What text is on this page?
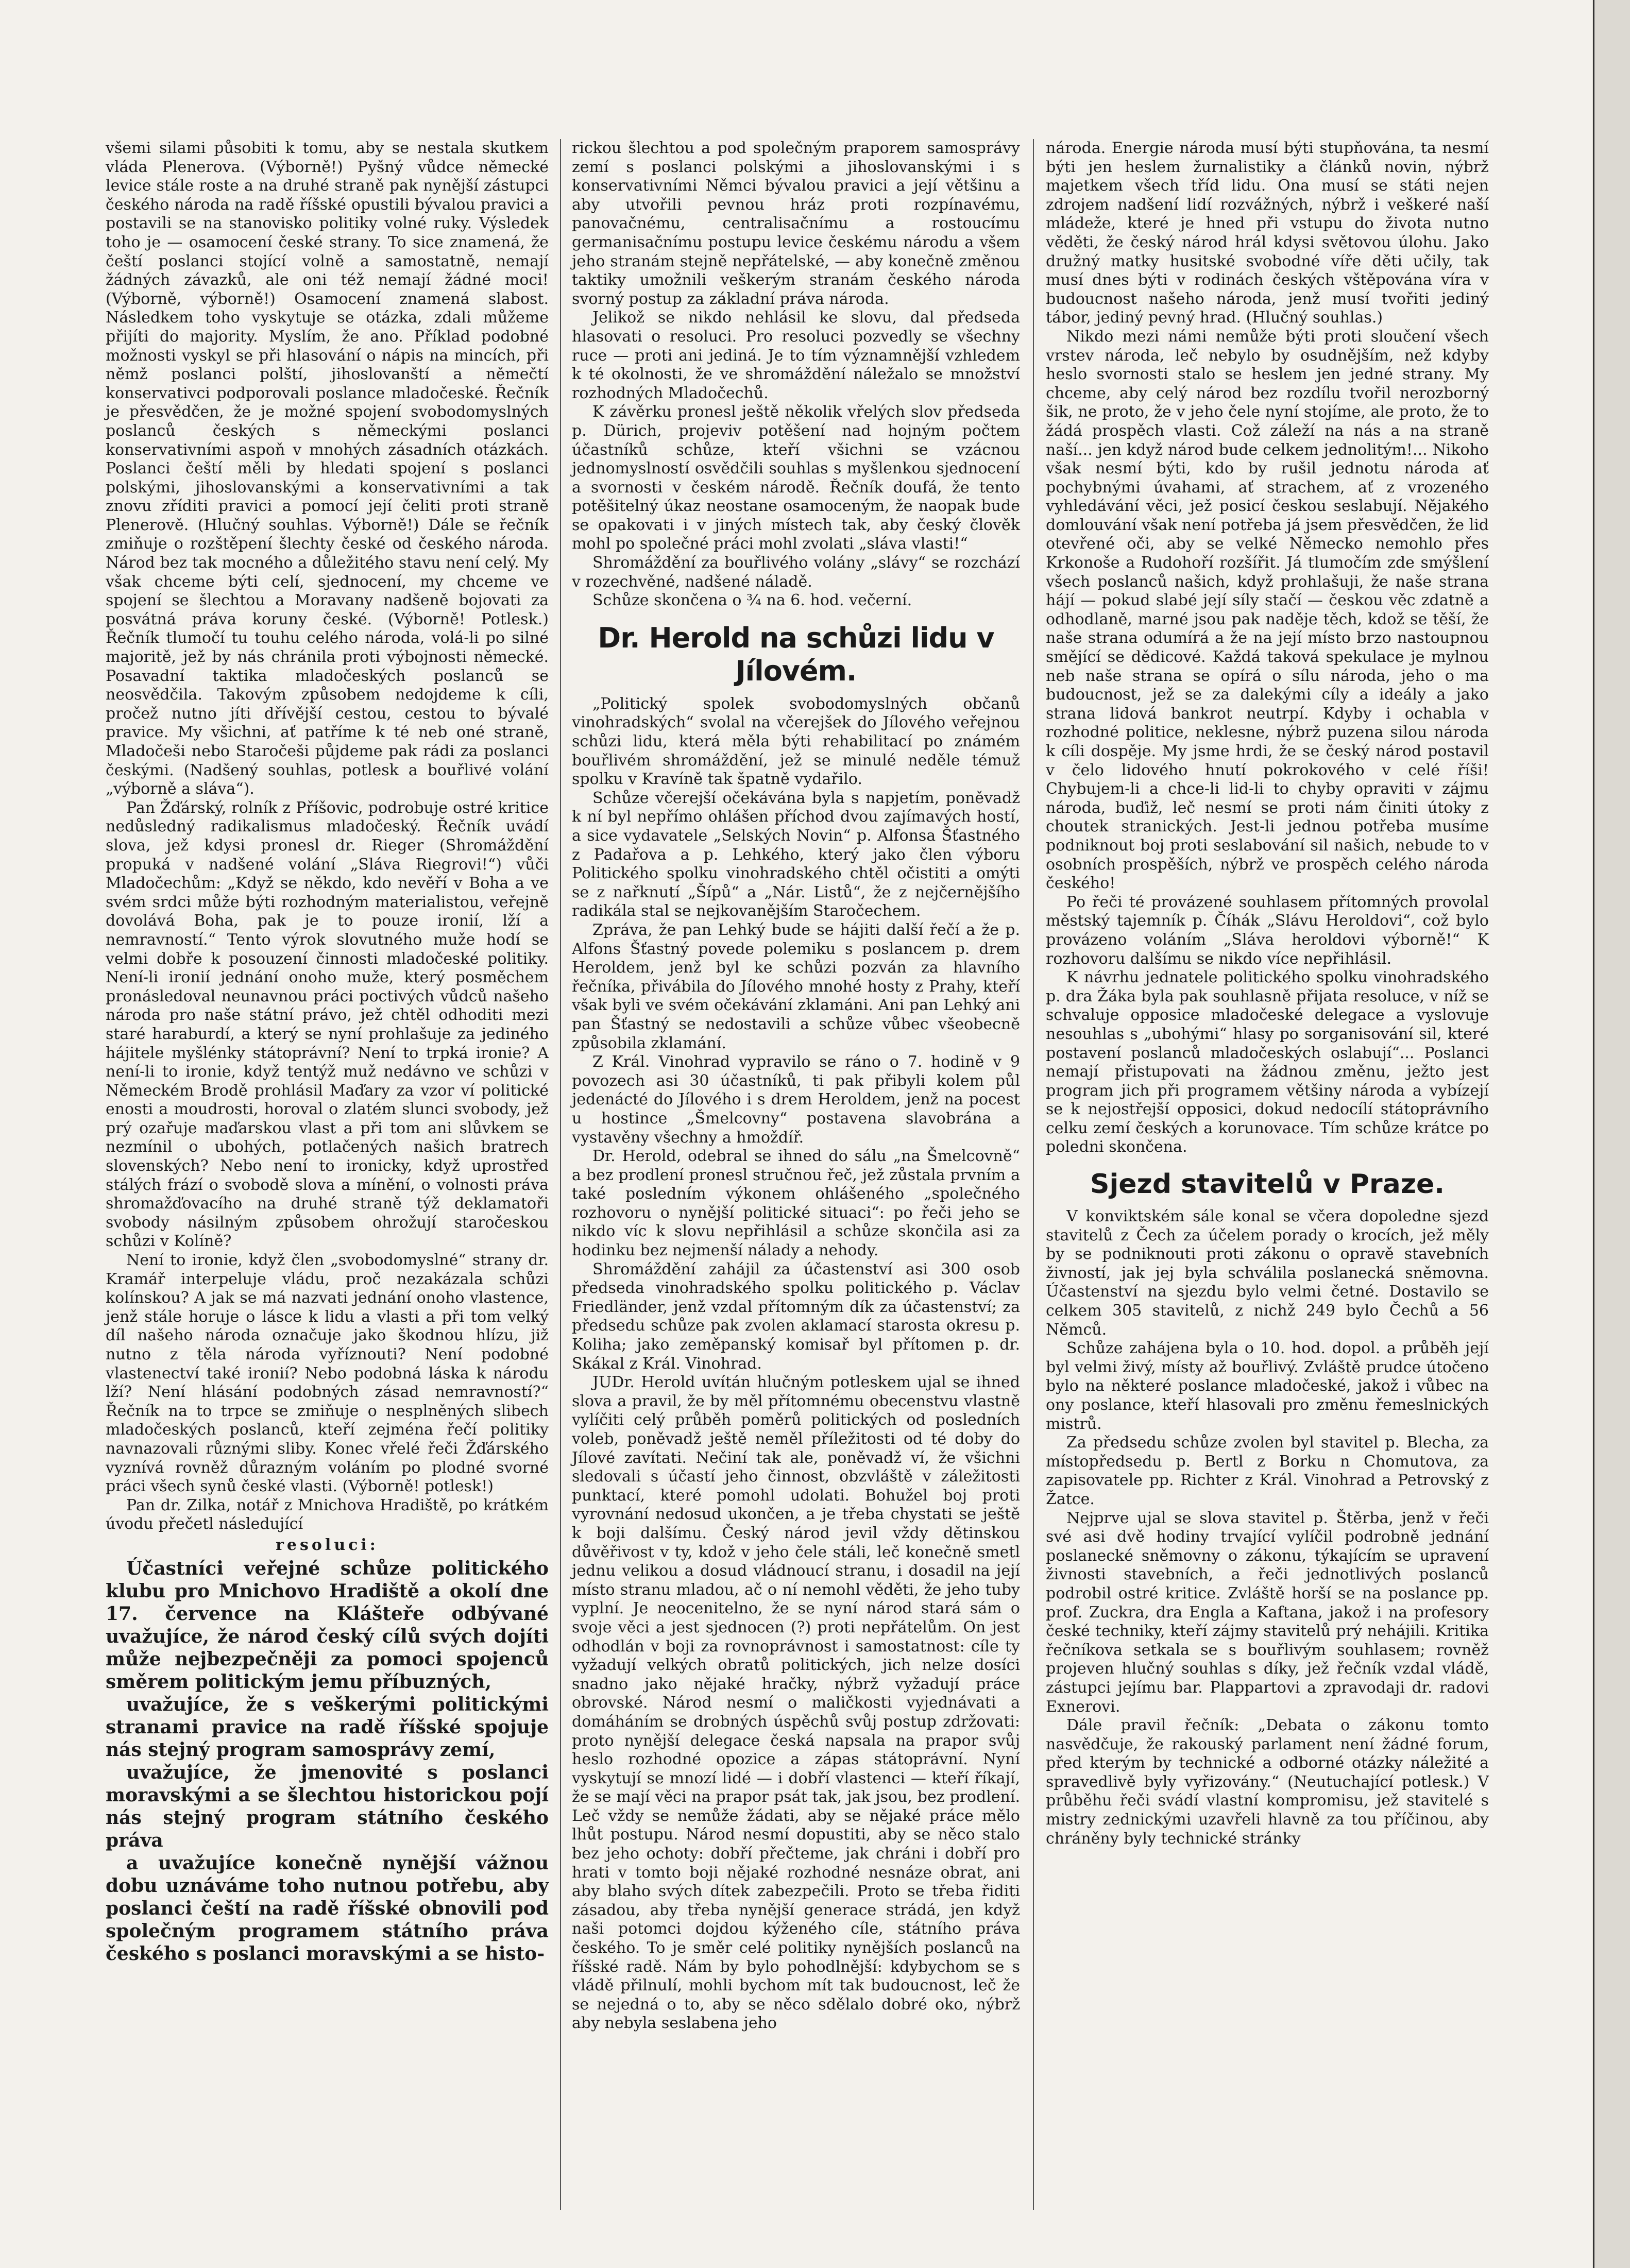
všemi silami působiti k tomu, aby se nestala skutkem vláda Plenerova. (Výborně!) Pyšný vůdce německé levice stále roste a na druhé straně pak nynější zástupci českého národa na radě říšské opustili bývalou pravici a postavili se na stanovisko politiky volné ruky. Výsledek toho je — osamocení české strany. To sice znamená, že čeští poslanci stojící volně a samostatně, nemají žádných závazků, ale oni též nemají žádné moci! (Výborně, výborně!) Osamocení znamená slabost. Následkem toho vyskytuje se otázka, zdali můžeme přijíti do majority. Myslím, že ano. Příklad podobné možnosti vyskyl se při hlasování o nápis na mincích, při němž poslanci polští, jihoslovanští a němečtí konservativci podporovali poslance mladočeské. Řečník je přesvědčen, že je možné spojení svobodomyslných poslanců českých s německými poslanci konservativními aspoň v mnohých zásadních otázkách. Poslanci čeští měli by hledati spojení s poslanci polskými, jihoslovanskými a konservativními a tak znovu zříditi pravici a pomocí její čeliti proti straně Plenerově. (Hlučný souhlas. Výborně!) Dále se řečník zmiňuje o rozštěpení šlechty české od českého národa. Národ bez tak mocného a důležitého stavu není celý. My však chceme býti celí, sjednocení, my chceme ve spojení se šlechtou a Moravany nadšeně bojovati za posvátná práva koruny české. (Výborně! Potlesk.) Řečník tlumočí tu touhu celého národa, volá-li po silné majoritě, jež by nás chránila proti výbojnosti německé. Posavadní taktika mladočeských poslanců se neosvědčila. Takovým způsobem nedojdeme k cíli, pročež nutno jíti dřívější cestou, cestou to bývalé pravice. My všichni, ať patříme k té neb oné straně, Mladočeši nebo Staročeši půjdeme pak rádi za poslanci českými. (Nadšený souhlas, potlesk a bouřlivé volání „výborně a sláva“).

Pan Žďárský, rolník z Příšovic, podrobuje ostré kritice nedůsledný radikalismus mladočeský. Řečník uvádí slova, jež kdysi pronesl dr. Rieger (Shromáždění propuká v nadšené volání „Sláva Riegrovi!“) vůči Mladočechům: „Když se někdo, kdo nevěří v Boha a ve svém srdci může býti rozhodným materialistou, veřejně dovolává Boha, pak je to pouze ironií, lží a nemravností.“ Tento výrok slovutného muže hodí se velmi dobře k posouzení činnosti mladočeské politiky. Není-li ironií jednání onoho muže, který posměchem pronásledoval neunavnou práci poctivých vůdců našeho národa pro naše státní právo, jež chtěl odhoditi mezi staré haraburdí, a který se nyní prohlašuje za jediného hájitele myšlénky státoprávní? Není to trpká ironie? A není-li to ironie, když tentýž muž nedávno ve schůzi v Německém Brodě prohlásil Maďary za vzor ví politické enosti a moudrosti, horoval o zlatém slunci svobody, jež prý ozařuje maďarskou vlast a při tom ani slůvkem se nezmínil o ubohých, potlačených našich bratrech slovenských? Nebo není to ironicky, když uprostřed stálých frází o svobodě slova a mínění, o volnosti práva shromažďovacího na druhé straně týž deklamatoři svobody násilným způsobem ohrožují staročeskou schůzi v Kolíně?

Není to ironie, když člen „svobodomyslné“ strany dr. Kramář interpeluje vládu, proč nezakázala schůzi kolínskou? A jak se má nazvati jednání onoho vlastence, jenž stále horuje o lásce k lidu a vlasti a při tom velký díl našeho národa označuje jako škodnou hlízu, již nutno z těla národa vyříznouti? Není podobné vlastenectví také ironií? Nebo podobná láska k národu lží? Není hlásání podobných zásad nemravností?“ Řečník na to trpce se zmiňuje o nesplněných slibech mladočeských poslanců, kteří zejména řečí politiky navnazovali různými sliby. Konec vřelé řeči Žďárského vyznívá rovněž důrazným voláním po plodné svorné práci všech synů české vlasti. (Výborně! potlesk!)

Pan dr. Zilka, notář z Mnichova Hradiště, po krátkém úvodu přečetl následující

resoluci:

Účastníci veřejné schůze politického klubu pro Mnichovo Hradiště a okolí dne 17. července na Klášteře odbývané uvažujíce, že národ český cílů svých dojíti může nejbezpečněji za pomoci spojenců směrem politickým jemu příbuzných,

uvažujíce, že s veškerými politickými stranami pravice na radě říšské spojuje nás stejný program samosprávy zemí,

uvažujíce, že jmenovité s poslanci moravskými a se šlechtou historickou pojí nás stejný program státního českého práva

a uvažujíce konečně nynější vážnou dobu uznáváme toho nutnou potřebu, aby poslanci čeští na radě říšské obnovili pod společným programem státního práva českého s poslanci moravskými a se histo-

rickou šlechtou a pod společným praporem samosprávy zemí s poslanci polskými a jihoslovanskými i s konservativními Němci bývalou pravici a její většinu a aby utvořili pevnou hráz proti rozpínavému, panovačnému, centralisačnímu a rostoucímu germanisačnímu postupu levice českému národu a všem jeho stranám stejně nepřátelské, — aby konečně změnou taktiky umožnili veškerým stranám českého národa svorný postup za základní práva národa.

Jelikož se nikdo nehlásil ke slovu, dal předseda hlasovati o resoluci. Pro resoluci pozvedly se všechny ruce — proti ani jediná. Je to tím významnější vzhledem k té okolnosti, že ve shromáždění náležalo se množství rozhodných Mladočechů.

K závěrku pronesl ještě několik vřelých slov předseda p. Dürich, projeviv potěšení nad hojným počtem účastníků schůze, kteří všichni se vzácnou jednomyslností osvědčili souhlas s myšlenkou sjednocení a svornosti v českém národě. Řečník doufá, že tento potěšitelný úkaz neostane osamoceným, že naopak bude se opakovati i v jiných místech tak, aby český člověk mohl po společné práci mohl zvolati „sláva vlasti!“

Shromáždění za bouřlivého volány „slávy“ se rozchází v rozechvěné, nadšené náladě.

Schůze skončena o ¾ na 6. hod. večerní.

Dr. Herold na schůzi lidu v Jílovém.

„Politický spolek svobodomyslných občanů vinohradských“ svolal na včerejšek do Jílového veřejnou schůzi lidu, která měla býti rehabilitací po známém bouřlivém shromáždění, jež se minulé neděle témuž spolku v Kravíně tak špatně vydařilo.

Schůze včerejší očekávána byla s napjetím, poněvadž k ní byl nepřímo ohlášen příchod dvou zajímavých hostí, a sice vydavatele „Selských Novin“ p. Alfonsa Šťastného z Padařova a p. Lehkého, který jako člen výboru Politického spolku vinohradského chtěl očistiti a omýti se z nařknutí „Šípů“ a „Nár. Listů“, že z nejčernějšího radikála stal se nejkovanějším Staročechem.

Zpráva, že pan Lehký bude se hájiti další řečí a že p. Alfons Šťastný povede polemiku s poslancem p. drem Heroldem, jenž byl ke schůzi pozván za hlavního řečníka, přivábila do Jílového mnohé hosty z Prahy, kteří však byli ve svém očekávání zklamáni. Ani pan Lehký ani pan Šťastný se nedostavili a schůze vůbec všeobecně způsobila zklamání.

Z Král. Vinohrad vypravilo se ráno o 7. hodině v 9 povozech asi 30 účastníků, ti pak přibyli kolem půl jedenácté do Jílového i s drem Heroldem, jenž na pocest u hostince „Šmelcovny“ postavena slavobrána a vystavěny všechny a hmoždíř.

Dr. Herold, odebral se ihned do sálu „na Šmelcovně“ a bez prodlení pronesl stručnou řeč, jež zůstala prvním a také posledním výkonem ohlášeného „společného rozhovoru o nynější politické situaci“: po řeči jeho se nikdo víc k slovu nepřihlásil a schůze skončila asi za hodinku bez nejmenší nálady a nehody.

Shromáždění zahájil za účastenství asi 300 osob předseda vinohradského spolku politického p. Václav Friedländer, jenž vzdal přítomným dík za účastenství; za předsedu schůze pak zvolen aklamací starosta okresu p. Koliha; jako zeměpanský komisař byl přítomen p. dr. Skákal z Král. Vinohrad.

JUDr. Herold uvítán hlučným potleskem ujal se ihned slova a pravil, že by měl přítomnému obecenstvu vlastně vylíčiti celý průběh poměrů politických od posledních voleb, poněvadž ještě neměl příležitosti od té doby do Jílové zavítati. Nečiní tak ale, poněvadž ví, že všichni sledovali s účastí jeho činnost, obzvláště v záležitosti punktací, které pomohl udolati. Bohužel boj proti vyrovnání nedosud ukončen, a je třeba chystati se ještě k boji dalšímu. Český národ jevil vždy dětinskou důvěřivost v ty, kdož v jeho čele stáli, leč konečně smetl jednu velikou a dosud vládnoucí stranu, i dosadil na její místo stranu mladou, ač o ní nemohl věděti, že jeho tuby vyplní. Je neocenitelno, že se nyní národ stará sám o svoje věci a jest sjednocen (?) proti nepřátelům. On jest odhodlán v boji za rovnoprávnost i samostatnost: cíle ty vyžadují velkých obratů politických, jich nelze dosíci snadno jako nějaké hračky, nýbrž vyžadují práce obrovské. Národ nesmí o maličkosti vyjednávati a domáháním se drobných úspěchů svůj postup zdržovati: proto nynější delegace česká napsala na prapor svůj heslo rozhodné opozice a zápas státoprávní. Nyní vyskytují se mnozí lidé — i dobří vlastenci — kteří říkají, že se mají věci na prapor psát tak, jak jsou, bez prodlení. Leč vždy se nemůže žádati, aby se nějaké práce mělo lhůt postupu. Národ nesmí dopustiti, aby se něco stalo bez jeho ochoty: dobří přečteme, jak chráni i dobří pro hrati v tomto boji nějaké rozhodné nesnáze obrat, ani aby blaho svých dítek zabezpečili. Proto se třeba řiditi zásadou, aby třeba nynější generace strádá, jen když naši potomci dojdou kýženého cíle, státního práva českého. To je směr celé politiky nynějších poslanců na říšské radě. Nám by bylo pohodlnější: kdybychom se s vládě přilnulí, mohli bychom mít tak budoucnost, leč že se nejedná o to, aby se něco sdělalo dobré oko, nýbrž aby nebyla seslabena jeho

národa. Energie národa musí býti stupňována, ta nesmí býti jen heslem žurnalistiky a článků novin, nýbrž majetkem všech tříd lidu. Ona musí se státi nejen zdrojem nadšení lidí rozvážných, nýbrž i veškeré naší mládeže, které je hned při vstupu do života nutno věděti, že český národ hrál kdysi světovou úlohu. Jako družný matky husitské svobodné víře děti učily, tak musí dnes býti v rodinách českých vštěpována víra v budoucnost našeho národa, jenž musí tvořiti jediný tábor, jediný pevný hrad. (Hlučný souhlas.)

Nikdo mezi námi nemůže býti proti sloučení všech vrstev národa, leč nebylo by osudnějším, než kdyby heslo svornosti stalo se heslem jen jedné strany. My chceme, aby celý národ bez rozdílu tvořil nerozborný šik, ne proto, že v jeho čele nyní stojíme, ale proto, že to žádá prospěch vlasti. Což záleží na nás a na straně naší... jen když národ bude celkem jednolitým!... Nikoho však nesmí býti, kdo by rušil jednotu národa ať pochybnými úvahami, ať strachem, ať z vrozeného vyhledávání věci, jež posicí českou seslabují. Nějakého domlouvání však není potřeba já jsem přesvědčen, že lid otevřené oči, aby se velké Německo nemohlo přes Krkonoše a Rudohoří rozšířit. Já tlumočím zde smýšlení všech poslanců našich, když prohlašuji, že naše strana hájí — pokud slabé její síly stačí — českou věc zdatně a odhodlaně, marné jsou pak naděje těch, kdož se těší, že naše strana odumírá a že na její místo brzo nastoupnou smějící se dědicové. Každá taková spekulace je mylnou neb naše strana se opírá o sílu národa, jeho o ma budoucnost, jež se za dalekými cíly a ideály a jako strana lidová bankrot neutrpí. Kdyby i ochabla v rozhodné politice, neklesne, nýbrž puzena silou národa k cíli dospěje. My jsme hrdi, že se český národ postavil v čelo lidového hnutí pokrokového v celé říši! Chybujem-li a chce-li lid-li to chyby opraviti v zájmu národa, buďiž, leč nesmí se proti nám činiti útoky z choutek stranických. Jest-li jednou potřeba musíme podniknout boj proti seslabování sil našich, nebude to v osobních prospěších, nýbrž ve prospěch celého národa českého!

Po řeči té provázené souhlasem přítomných provolal městský tajemník p. Číhák „Slávu Heroldovi“, což bylo provázeno voláním „Sláva heroldovi výborně!“ K rozhovoru dalšímu se nikdo více nepřihlásil.

K návrhu jednatele politického spolku vinohradského p. dra Žáka byla pak souhlasně přijata resoluce, v níž se schvaluje opposice mladočeské delegace a vyslovuje nesouhlas s „ubohými“ hlasy po sorganisování sil, které postavení poslanců mladočeských oslabují“... Poslanci nemají přistupovati na žádnou změnu, ježto jest program jich při programem většiny národa a vybízejí se k nejostřejší opposici, dokud nedocílí státoprávního celku zemí českých a korunovace. Tím schůze krátce po poledni skončena.

Sjezd stavitelů v Praze.

V konviktském sále konal se včera dopoledne sjezd stavitelů z Čech za účelem porady o krocích, jež měly by se podniknouti proti zákonu o opravě stavebních živností, jak jej byla schválila poslanecká sněmovna. Účastenství na sjezdu bylo velmi četné. Dostavilo se celkem 305 stavitelů, z nichž 249 bylo Čechů a 56 Němců.

Schůze zahájena byla o 10. hod. dopol. a průběh její byl velmi živý, místy až bouřlivý. Zvláště prudce útočeno bylo na některé poslance mladočeské, jakož i vůbec na ony poslance, kteří hlasovali pro změnu řemeslnických mistrů.

Za předsedu schůze zvolen byl stavitel p. Blecha, za místopředsedu p. Bertl z Borku n Chomutova, za zapisovatele pp. Richter z Král. Vinohrad a Petrovský z Žatce.

Nejprve ujal se slova stavitel p. Štěrba, jenž v řeči své asi dvě hodiny trvající vylíčil podrobně jednání poslanecké sněmovny o zákonu, týkajícím se upravení živnosti stavebních, a řeči jednotlivých poslanců podrobil ostré kritice. Zvláště horší se na poslance pp. prof. Zuckra, dra Engla a Kaftana, jakož i na profesory české techniky, kteří zájmy stavitelů prý nehájili. Kritika řečníkova setkala se s bouřlivým souhlasem; rovněž projeven hlučný souhlas s díky, jež řečník vzdal vládě, zástupci jejímu bar. Plappartovi a zpravodaji dr. radovi Exnerovi.

Dále pravil řečník: „Debata o zákonu tomto nasvědčuje, že rakouský parlament není žádné forum, před kterým by technické a odborné otázky náležité a spravedlivě byly vyřizovány.“ (Neutuchající potlesk.) V průběhu řeči svádí vlastní kompromisu, jež stavitelé s mistry zednickými uzavřeli hlavně za tou příčinou, aby chráněny byly technické stránky
